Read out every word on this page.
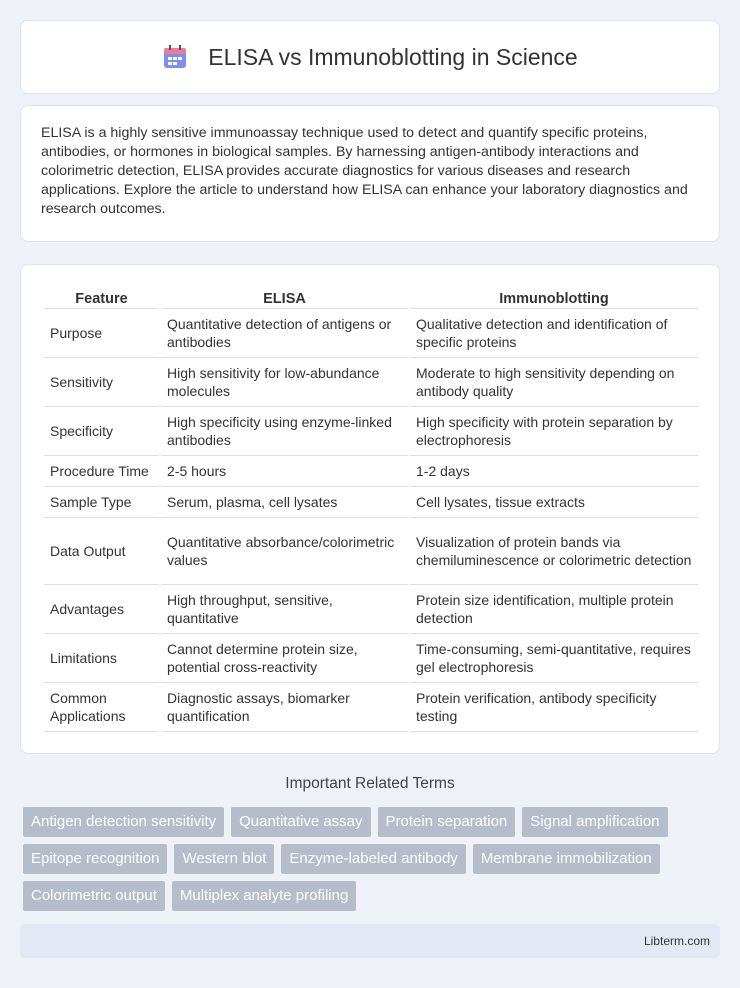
ELISA vs Immunoblotting in Science
ELISA is a highly sensitive immunoassay technique used to detect and quantify specific proteins, antibodies, or hormones in biological samples. By harnessing antigen-antibody interactions and colorimetric detection, ELISA provides accurate diagnostics for various diseases and research applications. Explore the article to understand how ELISA can enhance your laboratory diagnostics and research outcomes.
Feature	ELISA	Immunoblotting
Purpose	Quantitative detection of antigens or antibodies	Qualitative detection and identification of specific proteins
Sensitivity	High sensitivity for low-abundance molecules	Moderate to high sensitivity depending on antibody quality
Specificity	High specificity using enzyme-linked antibodies	High specificity with protein separation by electrophoresis
Procedure Time	2-5 hours	1-2 days
Sample Type	Serum, plasma, cell lysates	Cell lysates, tissue extracts
Data Output	Quantitative absorbance/colorimetric values	Visualization of protein bands via chemiluminescence or colorimetric detection
Advantages	High throughput, sensitive, quantitative	Protein size identification, multiple protein detection
Limitations	Cannot determine protein size, potential cross-reactivity	Time-consuming, semi-quantitative, requires gel electrophoresis
Common Applications	Diagnostic assays, biomarker quantification	Protein verification, antibody specificity testing
Important Related Terms
Antigen detection sensitivity	Quantitative assay	Protein separation	Signal amplification
Epitope recognition	Western blot	Enzyme-labeled antibody	Membrane immobilization
Colorimetric output	Multiplex analyte profiling
Libterm.com
